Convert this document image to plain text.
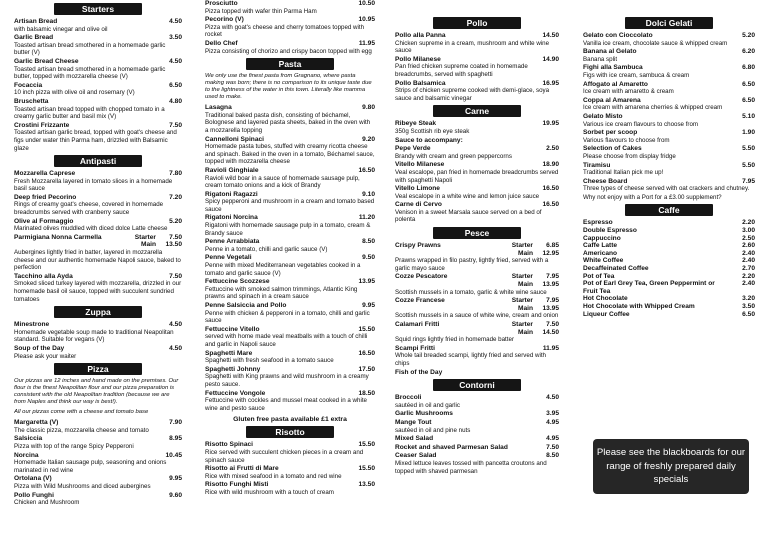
Starters
Artisan Bread	4.50
with balsamic vinegar and olive oil
Garlic Bread	3.50
Toasted artisan bread smothered in a homemade garlic butter (V)
Garlic Bread Cheese	4.50
Toasted artisan bread smothered in a homemade garlic butter, topped with mozzarella cheese (V)
Focaccia	6.50
10 inch pizza with olive oil and rosemary (V)
Bruschetta	4.80
Toasted artisan bread topped with chopped tomato in a creamy garlic butter and basil mix (V)
Crostini Frizzante	7.50
Toasted artisan garlic bread, topped with goat's cheese and figs under water thin Parma ham, drizzled with Balsamic glaze
Antipasti
Mozzarella Caprese	7.80
Fresh Mozzarella layered in tomato slices in a homemade basil sauce
Deep fried Pecorino	7.20
Rings of creamy goat's cheese, covered in homemade breadcrumbs served with cranberry sauce
Olive al Formaggio	5.20
Marinated olives muddled with diced dolce Latte cheese
Parmigiana Nonna Carmella	Starter 7.50
Main 13.50
Aubergines lightly fried in batter, layered in mozzarella cheese and our authentic homemade Napoli sauce, baked to perfection
Tacchino alla Ayda	7.50
Smoked sliced turkey layered with mozzarella, drizzled in our homemade basil oil sauce, topped with succulent sundried tomatoes
Zuppa
Minestrone	4.50
Homemade vegetable soup made to traditional Neapolitan standard. Suitable for vegans (V)
Soup of the Day	4.50
Please ask your waiter
Pizza
Our pizzas are 12 inches and hand made on the premises. Our flour is the finest Neapolitan flour and our pizza preparation is consistent with the old Neapolitan tradition (because we are from Naples and think our way is best!).
All our pizzas come with a cheese and tomato base
Margaretta (V)	7.90
The classic pizza, mozzarella cheese and tomato
Salsiccia	8.95
Pizza with top of the range Spicy Pepperoni
Norcina	10.45
Homemade Italian sausage pulp, seasoning and onions marinated in red wine
Ortolana (V)	9.95
Pizza with Wild Mushrooms and diced aubergines
Pollo Funghi	9.60
Chicken and Mushroom
Prosciutto	10.50
Pizza topped with wafer thin Parma Ham
Pecorino (V)	10.95
Pizza with goat's cheese and cherry tomatoes topped with rocket
Dello Chef	11.95
Pizza consisting of chorizo and crispy bacon topped with egg
Pasta
We only use the finest pasta from Gragnano, where pasta making was born; there is no comparison to its unique taste due to the lightness of the water in this town. Literally like mamma used to make.
Lasagna	9.80
Traditional baked pasta dish, consisting of béchamel, Bolognese and layered pasta sheets, baked in the oven with a mozzarella topping
Cannelloni Spinaci	9.20
Homemade pasta tubes, stuffed with creamy ricotta cheese and spinach. Baked in the oven in a tomato, Béchamel sauce, topped with mozzarella cheese
Ravioli Ginghiale	16.50
Ravioli wild boar in a sauce of homemade sausage pulp, cream tomato onions and a kick of Brandy
Rigatoni Ragazzi	9.10
Spicy pepperoni and mushroom in a cream and tomato based sauce
Rigatoni Norcina	11.20
Rigatoni with homemade sausage pulp in a tomato, cream & Brandy sauce
Penne Arrabbiata	8.50
Penne in a tomato, chilli and garlic sauce (V)
Penne Vegetali	9.50
Penne with mixed Mediterranean vegetables cooked in a tomato and garlic sauce (V)
Fettuccine Scozzese	13.95
Fettuccine with smoked salmon trimmings, Atlantic King prawns and spinach in a cream sauce
Penne Salsiccia and Pollo	9.95
Penne with chicken & pepperoni in a tomato, chilli and garlic sauce
Fettuccine Vitello	15.50
served with home made veal meatballs with a touch of chilli and garlic in Napoli sauce
Spaghetti Mare	16.50
Spaghetti with fresh seafood in a tomato sauce
Spaghetti Johnny	17.50
Spaghetti with King prawns and wild mushroom in a creamy pesto sauce.
Fettuccine Vongole	18.50
Fettuccine with cockles and mussel meat cooked in a white wine and pesto sauce
Gluten free pasta available £1 extra
Risotto
Risotto Spinaci	15.50
Rice served with succulent chicken pieces in a cream and spinach sauce
Risotto ai Frutti di Mare	15.50
Rice with mixed seafood in a tomato and red wine
Risotto Funghi Misti	13.50
Rice with wild mushroom with a touch of cream
Pollo
Pollo alla Panna	14.50
Chicken supreme in a cream, mushroom and white wine sauce
Pollo Milanese	14.90
Pan fried chicken supreme coated in homemade breadcrumbs, served with spaghetti
Pollo Balsamica	16.95
Strips of chicken supreme cooked with demi-glace, soya sauce and balsamic vinegar
Carne
Ribeye Steak	19.95
350g Scottish rib eye steak
Sauce to accompany:
Pepe Verde	2.50
Brandy with cream and green peppercorns
Vitello Milanese	18.90
Veal escalope, pan fried in homemade breadcrumbs served with spaghetti Napoli
Vitello Limone	16.50
Veal escalope in a white wine and lemon juice sauce
Carne di Cervo	16.50
Venison in a sweet Marsala sauce served on a bed of polenta
Pesce
Crispy Prawns	Starter 6.85
Main 12.95
Prawns wrapped in filo pastry, lightly fried, served with a garlic mayo sauce
Cozze Pescatore	Starter 7.95
Main 13.95
Scottish mussels in a tomato, garlic & white wine sauce
Cozze Francese	Starter 7.95
Main 13.95
Scottish mussels in a sauce of white wine, cream and onion
Calamari Fritti	Starter 7.50
Main 14.50
Squid rings lightly fried in homemade batter
Scampi Fritti	11.95
Whole tail breaded scampi, lightly fried and served with chips
Fish of the Day
Contorni
Broccoli	4.50
sautéed in oil and garlic
Garlic Mushrooms	3.95
Mange Tout	4.95
sautéed in oil and pine nuts
Mixed Salad	4.95
Rocket and shaved Parmesan Salad	7.50
Ceaser Salad	8.50
Mixed lettuce leaves tossed with pancetta croutons and topped with shaved parmesan
Dolci Gelati
Gelato con Cioccolato	5.20
Vanilla ice cream, chocolate sauce & whipped cream
Banana al Gelato	6.20
Banana split
Fighi alla Sambuca	6.80
Figs with ice cream, sambuca & cream
Affogato al Amaretto	6.50
Ice cream with amaretto & cream
Coppa al Amarena	6.50
Ice cream with amarena cherries & whipped cream
Gelato Misto	5.10
Various ice cream flavours to choose from
Sorbet per scoop	1.90
Various flavours to choose from
Selection of Cakes	5.50
Please choose from display fridge
Tiramisu	5.50
Traditional Italian pick me up!
Cheese Board	7.95
Three types of cheese served with oat crackers and chutney.
Why not enjoy with a Port for a £3.00 supplement?
Caffe
Espresso	2.20
Double Espresso	3.00
Cappuccino	2.50
Caffe Latte	2.60
Americano	2.40
White Coffee	2.40
Decaffeinated Coffee	2.70
Pot of Tea	2.20
Pot of Earl Grey Tea, Green Peppermint or Fruit Tea
2.40
Hot Chocolate	3.20
Hot Chocolate with Whipped Cream	3.50
Liqueur Coffee	6.50
Please see the blackboards for our range of freshly prepared daily specials
